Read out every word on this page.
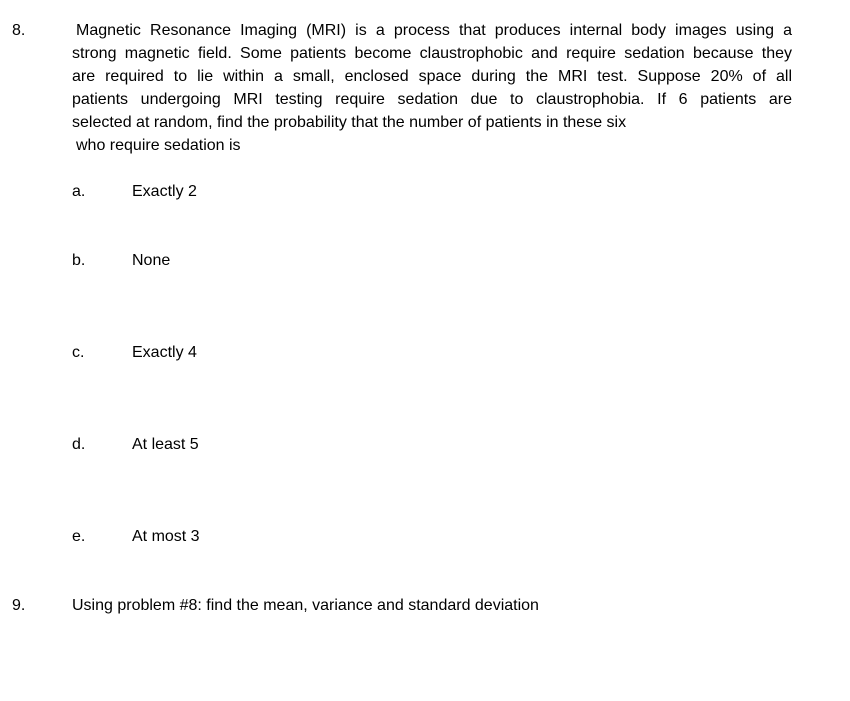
8.	Magnetic Resonance Imaging (MRI) is a process that produces internal body images using a
strong magnetic field. Some patients become claustrophobic and require sedation because they
are required to lie within a small, enclosed space during the MRI test. Suppose 20% of all
patients undergoing MRI testing require sedation due to claustrophobia. If 6 patients are
selected at random, find the probability that the number of patients in these six
who require sedation is
a.	Exactly 2
b.	None
c.	Exactly 4
d.	At least 5
e.	At most 3
9.	Using problem #8: find the mean, variance and standard deviation
